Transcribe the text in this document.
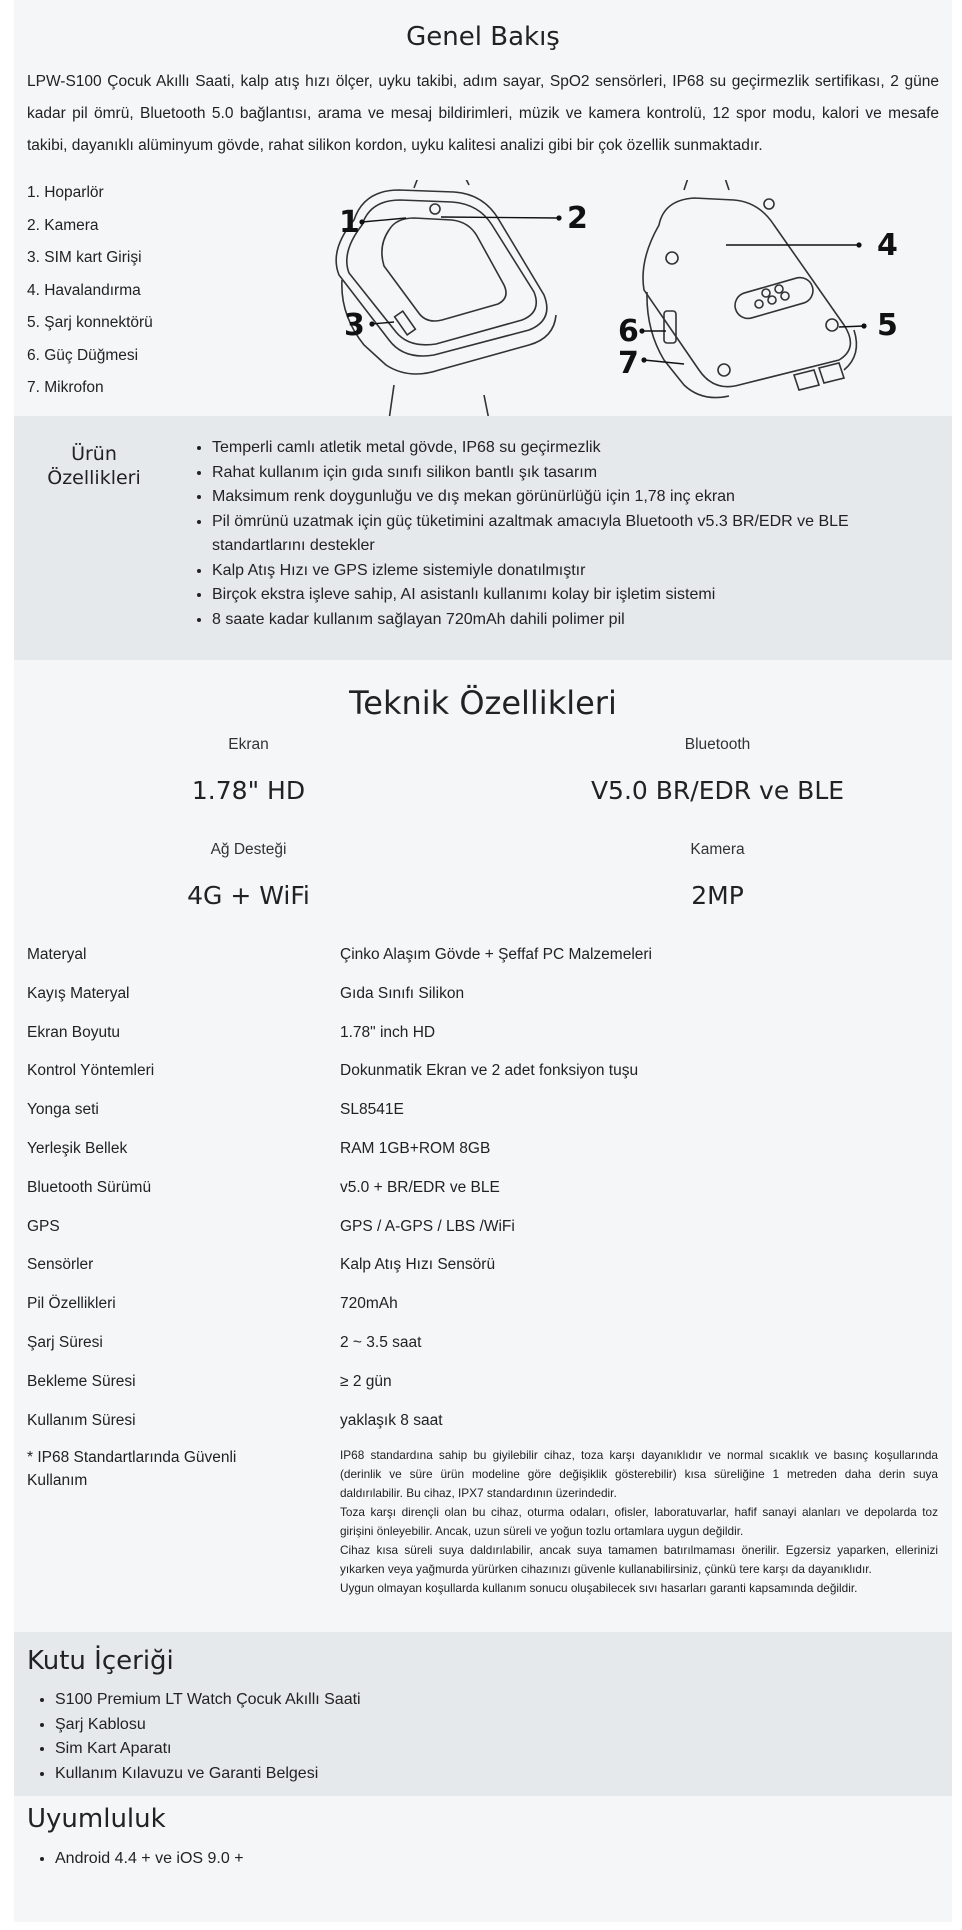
Genel Bakış
LPW-S100 Çocuk Akıllı Saati, kalp atış hızı ölçer, uyku takibi, adım sayar, SpO2 sensörleri, IP68 su geçirmezlik sertifikası, 2 güne kadar pil ömrü, Bluetooth 5.0 bağlantısı, arama ve mesaj bildirimleri, müzik ve kamera kontrolü, 12 spor modu, kalori ve mesafe takibi, dayanıklı alüminyum gövde, rahat silikon kordon, uyku kalitesi analizi gibi bir çok özellik sunmaktadır.
1. Hoparlör
2. Kamera
3. SIM kart Girişi
4. Havalandırma
5. Şarj konnektörü
6. Güç Düğmesi
7. Mikrofon
1	2
3
4
5
6
7
Ürün
Özellikleri
• Temperli camlı atletik metal gövde, IP68 su geçirmezlik
• Rahat kullanım için gıda sınıfı silikon bantlı şık tasarım
• Maksimum renk doygunluğu ve dış mekan görünürlüğü için 1,78 inç ekran
• Pil ömrünü uzatmak için güç tüketimini azaltmak amacıyla Bluetooth v5.3 BR/EDR ve BLE standartlarını destekler
• Kalp Atış Hızı ve GPS izleme sistemiyle donatılmıştır
• Birçok ekstra işleve sahip, AI asistanlı kullanımı kolay bir işletim sistemi
• 8 saate kadar kullanım sağlayan 720mAh dahili polimer pil
Teknik Özellikleri
Ekran
1.78" HD
Bluetooth
V5.0 BR/EDR ve BLE
Ağ Desteği
4G + WiFi
Kamera
2MP
Materyal	Çinko Alaşım Gövde + Şeffaf PC Malzemeleri
Kayış Materyal	Gıda Sınıfı Silikon
Ekran Boyutu	1.78" inch HD
Kontrol Yöntemleri	Dokunmatik Ekran ve 2 adet fonksiyon tuşu
Yonga seti	SL8541E
Yerleşik Bellek	RAM 1GB+ROM 8GB
Bluetooth Sürümü	v5.0 + BR/EDR ve BLE
GPS	GPS / A-GPS / LBS /WiFi
Sensörler	Kalp Atış Hızı Sensörü
Pil Özellikleri	720mAh
Şarj Süresi	2 ~ 3.5 saat
Bekleme Süresi	≥ 2 gün
Kullanım Süresi	yaklaşık 8 saat
* IP68 Standartlarında Güvenli Kullanım

IP68 standardına sahip bu giyilebilir cihaz, toza karşı dayanıklıdır ve normal sıcaklık ve basınç koşullarında (derinlik ve süre ürün modeline göre değişiklik gösterebilir) kısa süreliğine 1 metreden daha derin suya daldırılabilir. Bu cihaz, IPX7 standardının üzerindedir.

Toza karşı dirençli olan bu cihaz, oturma odaları, ofisler, laboratuvarlar, hafif sanayi alanları ve depolarda toz girişini önleyebilir. Ancak, uzun süreli ve yoğun tozlu ortamlara uygun değildir.

Cihaz kısa süreli suya daldırılabilir, ancak suya tamamen batırılmaması önerilir. Egzersiz yaparken, ellerinizi yıkarken veya yağmurda yürürken cihazınızı güvenle kullanabilirsiniz, çünkü tere karşı da dayanıklıdır.

Uygun olmayan koşullarda kullanım sonucu oluşabilecek sıvı hasarları garanti kapsamında değildir.

Kutu İçeriği
• S100 Premium LT Watch Çocuk Akıllı Saati
• Şarj Kablosu
• Sim Kart Aparatı
• Kullanım Kılavuzu ve Garanti Belgesi
Uyumluluk
• Android 4.4 + ve iOS 9.0 +
